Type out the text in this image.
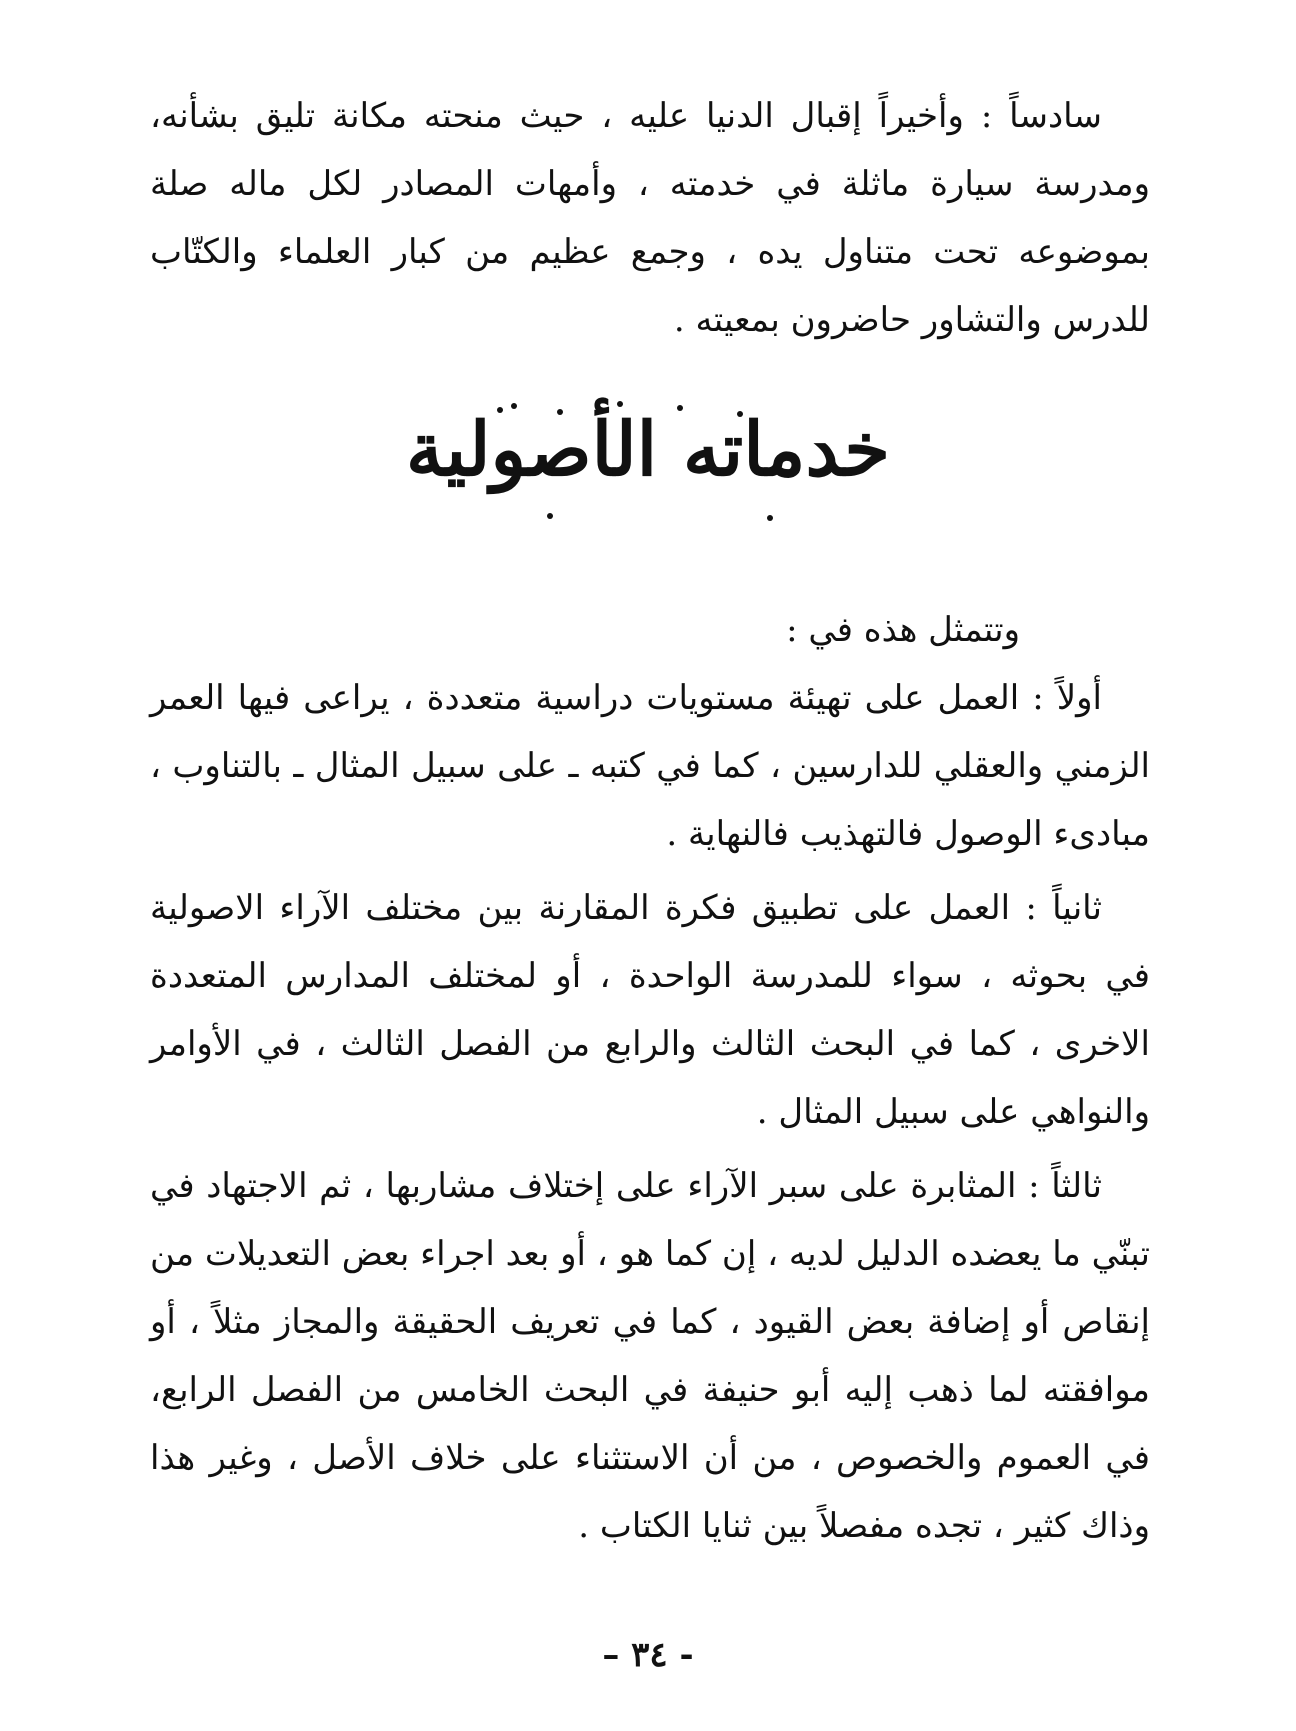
سادساً : وأخيراً إقبال الدنيا عليه ، حيث منحته مكانة تليق بشأنه، ومدرسة سيارة ماثلة في خدمته ، وأمهات المصادر لكل ماله صلة بموضوعه تحت متناول يده ، وجمع عظيم من كبار العلماء والكتّاب للدرس والتشاور حاضرون بمعيته .

خدماته الأصولية

وتتمثل هذه في :

أولاً : العمل على تهيئة مستويات دراسية متعددة ، يراعى فيها العمر الزمني والعقلي للدارسين ، كما في كتبه ـ على سبيل المثال ـ بالتناوب ، مبادىء الوصول فالتهذيب فالنهاية .

ثانياً : العمل على تطبيق فكرة المقارنة بين مختلف الآراء الاصولية في بحوثه ، سواء للمدرسة الواحدة ، أو لمختلف المدارس المتعددة الاخرى ، كما في البحث الثالث والرابع من الفصل الثالث ، في الأوامر والنواهي على سبيل المثال .

ثالثاً : المثابرة على سبر الآراء على إختلاف مشاربها ، ثم الاجتهاد في تبنّي ما يعضده الدليل لديه ، إن كما هو ، أو بعد اجراء بعض التعديلات من إنقاص أو إضافة بعض القيود ، كما في تعريف الحقيقة والمجاز مثلاً ، أو موافقته لما ذهب إليه أبو حنيفة في البحث الخامس من الفصل الرابع، في العموم والخصوص ، من أن الاستثناء على خلاف الأصل ، وغير هذا وذاك كثير ، تجده مفصلاً بين ثنايا الكتاب .

– ٣٤ -
